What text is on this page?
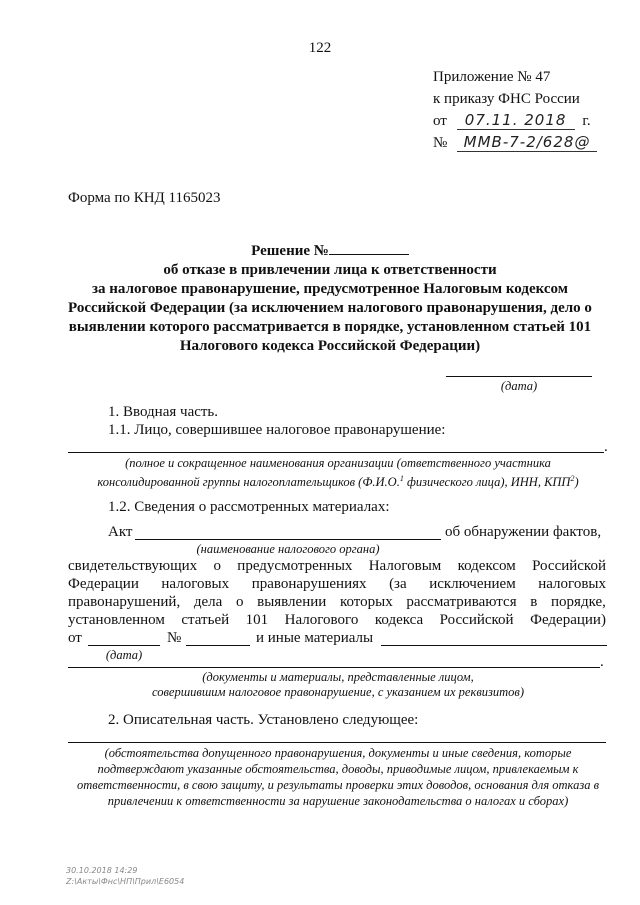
122
Приложение № 47
к приказу ФНС России
от 07.11. 2018 г.
№ ММВ-7-2/628@
Форма по КНД 1165023
Решение №
об отказе в привлечении лица к ответственности
за налоговое правонарушение, предусмотренное Налоговым кодексом
Российской Федерации (за исключением налогового правонарушения, дело о
выявлении которого рассматривается в порядке, установленном статьей 101
Налогового кодекса Российской Федерации)
(дата)
1. Вводная часть.
1.1. Лицо, совершившее налоговое правонарушение:
.
(полное и сокращенное наименования организации (ответственного участника
консолидированной группы налогоплательщиков (Ф.И.О.$^1$ физического лица), ИНН, КПП$^2$)
1.2. Сведения о рассмотренных материалах:
Акт	об обнаружении фактов,
(наименование налогового органа)
свидетельствующих о предусмотренных Налоговым кодексом Российской
Федерации налоговых правонарушениях (за исключением налоговых
правонарушений, дела о выявлении которых рассматриваются в порядке,
установленном статьей 101 Налогового кодекса Российской Федерации)
от	№	и иные материалы
(дата)	.
(документы и материалы, представленные лицом,
совершившим налоговое правонарушение, с указанием их реквизитов)
2. Описательная часть. Установлено следующее:
(обстоятельства допущенного правонарушения, документы и иные сведения, которые
подтверждают указанные обстоятельства, доводы, приводимые лицом, привлекаемым к
ответственности, в свою защиту, и результаты проверки этих доводов, основания для отказа в
привлечении к ответственности за нарушение законодательства о налогах и сборах)
30.10.2018 14:29
Z:\Акты\Фнс\НП\Прил\E6054
